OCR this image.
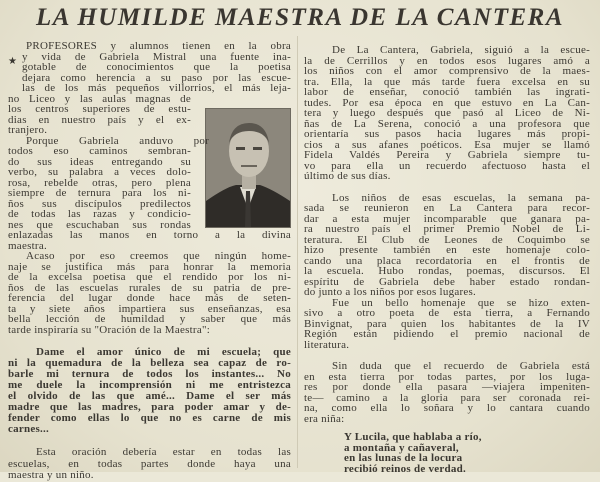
LA HUMILDE MAESTRA DE LA CANTERA
★
PROFESORES y alumnos tienen en la obra
y vida de Gabriela Mistral una fuente ina-
gotable de conocimientos que la poetisa
dejara como herencia a su paso por las escue-
las de los más pequeños villorrios, el más leja-
no Liceo y las aulas magnas de
los centros superiores de estu-
dias en nuestro país y el ex-
tranjero.
Porque Gabriela anduvo por
todos eso caminos sembran-
do sus ideas entregando su
verbo, su palabra a veces dolo-
rosa, rebelde otras, pero plena
siempre de ternura para los ni-
ños sus discípulos predilectos
de todas las razas y condicio-
nes que escuchaban sus rondas
enlazadas las manos en torno a la divina
maestra.
Acaso por eso creemos que ningún home-
naje se justifica más para honrar la memoria
de la excelsa poetisa que el rendido por los ni-
ños de las escuelas rurales de su patria de pre-
ferencia del lugar donde hace más de seten-
ta y siete años impartiera sus enseñanzas, esa
bella lección de humildad y saber que más
tarde inspiraría su "Oración de la Maestra":
Dame el amor único de mi escuela; que
ni la quemadura de la belleza sea capaz de ro-
barle mi ternura de todos los instantes... No
me duele la incomprensión ni me entristezca
el olvido de las que amé... Dame el ser más
madre que las madres, para poder amar y de-
fender como ellas lo que no es carne de mis
carnes...
Esta oración debería estar en todas las
escuelas, en todas partes donde haya una
maestra y un niño.
De La Cantera, Gabriela, siguió a la escue-
la de Cerrillos y en todos esos lugares amó a
los niños con el amor comprensivo de la maes-
tra. Ella, la que más tarde fuera excelsa en su
labor de enseñar, conoció también las ingrati-
tudes. Por esa época en que estuvo en La Can-
tera y luego después que pasó al Liceo de Ni-
ñas de La Serena, conoció a una profesora que
orientaría sus pasos hacia lugares más propi-
cios a sus afanes poéticos. Esa mujer se llamó
Fidela Valdés Pereira y Gabriela siempre tu-
vo para ella un recuerdo afectuoso hasta el
último de sus días.
Los niños de esas escuelas, la semana pa-
sada se reunieron en La Cantera para recor-
dar a esta mujer incomparable que ganara pa-
ra nuestro país el primer Premio Nobel de Li-
teratura. El Club de Leones de Coquimbo se
hizo presente también en este homenaje colo-
cando una placa recordatoria en el frontis de
la escuela. Hubo rondas, poemas, discursos. El
espíritu de Gabriela debe haber estado rondan-
do junto a los niños por esos lugares.
Fue un bello homenaje que se hizo exten-
sivo a otro poeta de esta tierra, a Fernando
Binvignat, para quien los habitantes de la IV
Región están pidiendo el premio nacional de
literatura.
Sin duda que el recuerdo de Gabriela está
en esta tierra por todas partes, por los luga-
res por donde ella pasara —viajera impeniten-
te— camino a la gloria para ser coronada rei-
na, como ella lo soñara y lo cantara cuando
era niña:
Y Lucila, que hablaba a río,
a montaña y cañaveral,
en las lunas de la locura
recibió reinos de verdad.
